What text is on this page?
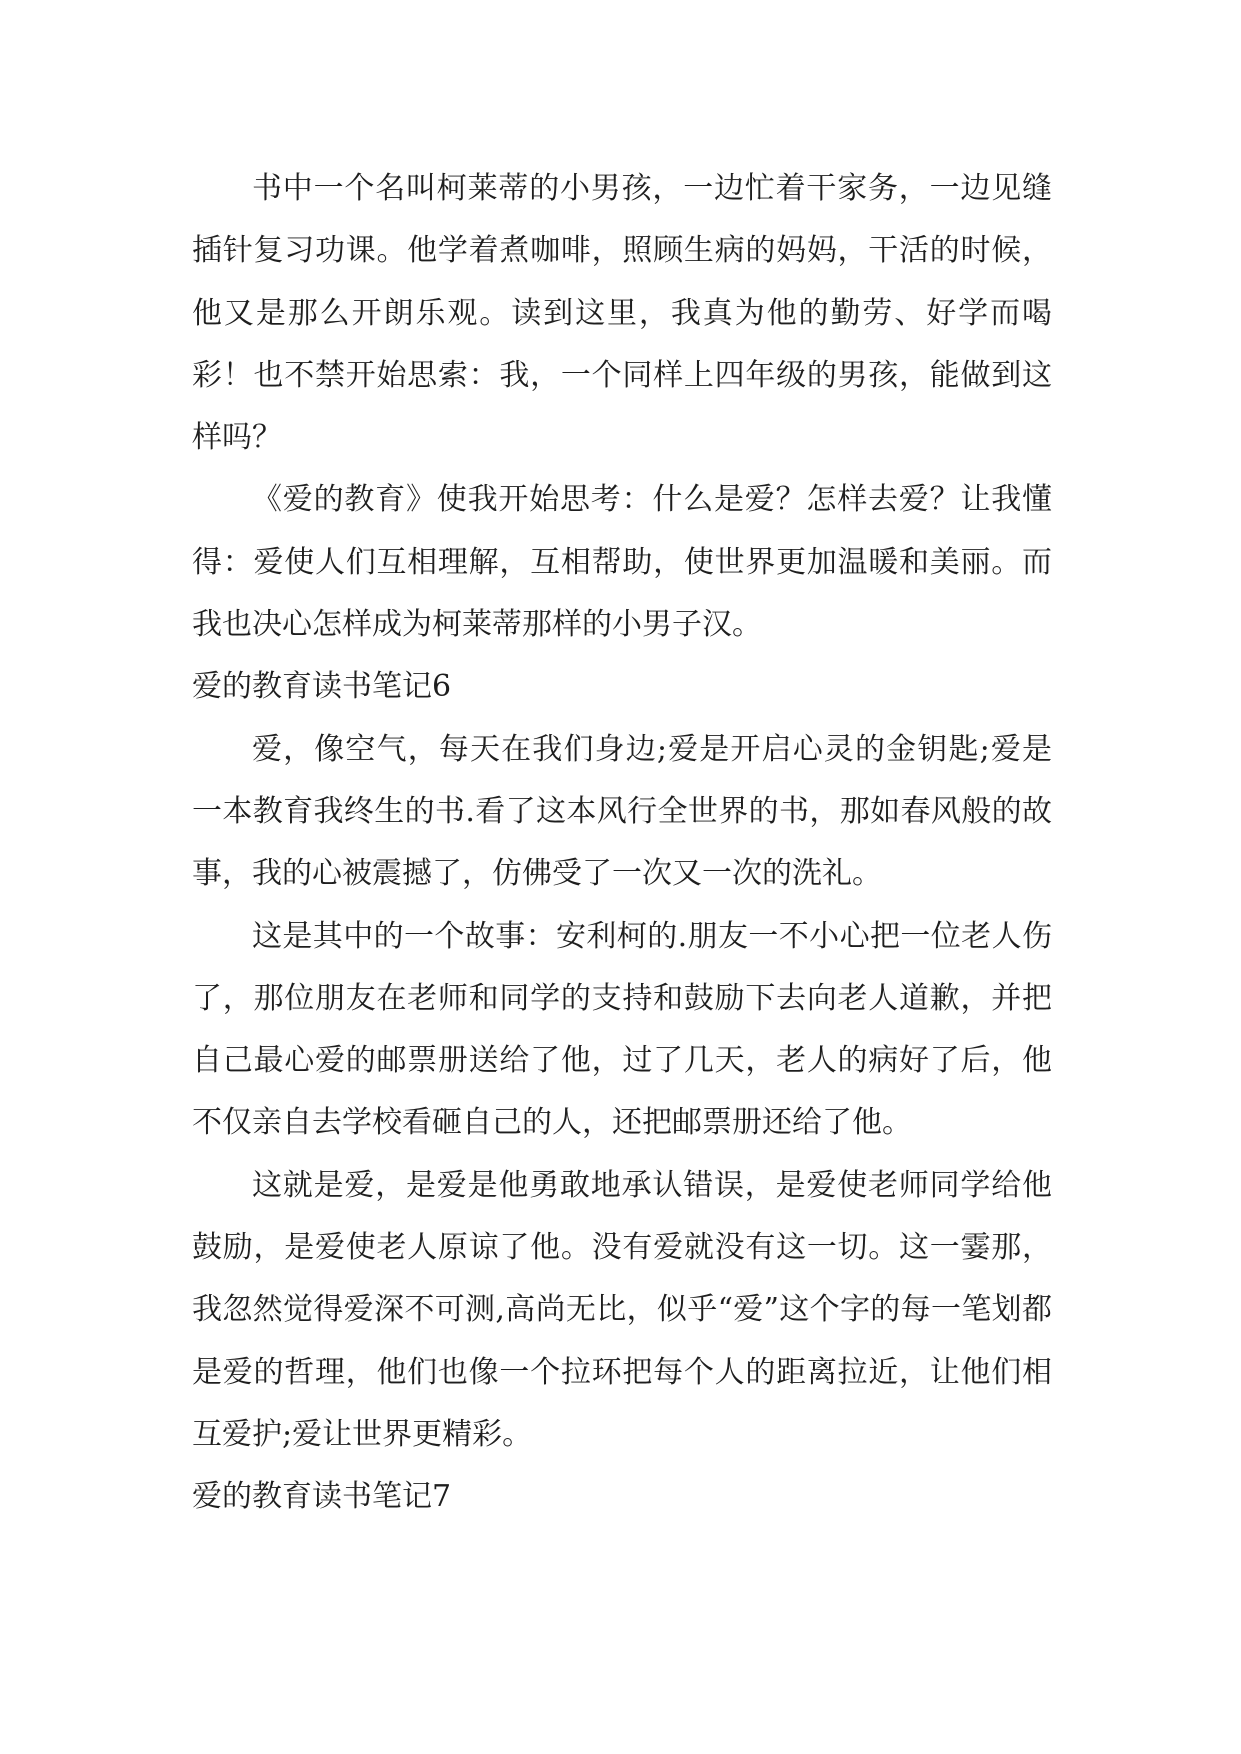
书中一个名叫柯莱蒂的小男孩，一边忙着干家务，一边见缝插针复习功课。他学着煮咖啡，照顾生病的妈妈，干活的时候，他又是那么开朗乐观。读到这里，我真为他的勤劳、好学而喝彩！也不禁开始思索：我，一个同样上四年级的男孩，能做到这样吗？

《爱的教育》使我开始思考：什么是爱？怎样去爱？让我懂得：爱使人们互相理解，互相帮助，使世界更加温暖和美丽。而我也决心怎样成为柯莱蒂那样的小男子汉。

爱的教育读书笔记6

爱，像空气，每天在我们身边;爱是开启心灵的金钥匙;爱是一本教育我终生的书.看了这本风行全世界的书，那如春风般的故事，我的心被震撼了，仿佛受了一次又一次的洗礼。

这是其中的一个故事：安利柯的.朋友一不小心把一位老人伤了，那位朋友在老师和同学的支持和鼓励下去向老人道歉，并把自己最心爱的邮票册送给了他，过了几天，老人的病好了后，他不仅亲自去学校看砸自己的人，还把邮票册还给了他。

这就是爱，是爱是他勇敢地承认错误，是爱使老师同学给他鼓励，是爱使老人原谅了他。没有爱就没有这一切。这一霎那，我忽然觉得爱深不可测,高尚无比，似乎“爱”这个字的每一笔划都是爱的哲理，他们也像一个拉环把每个人的距离拉近，让他们相互爱护;爱让世界更精彩。

爱的教育读书笔记7
